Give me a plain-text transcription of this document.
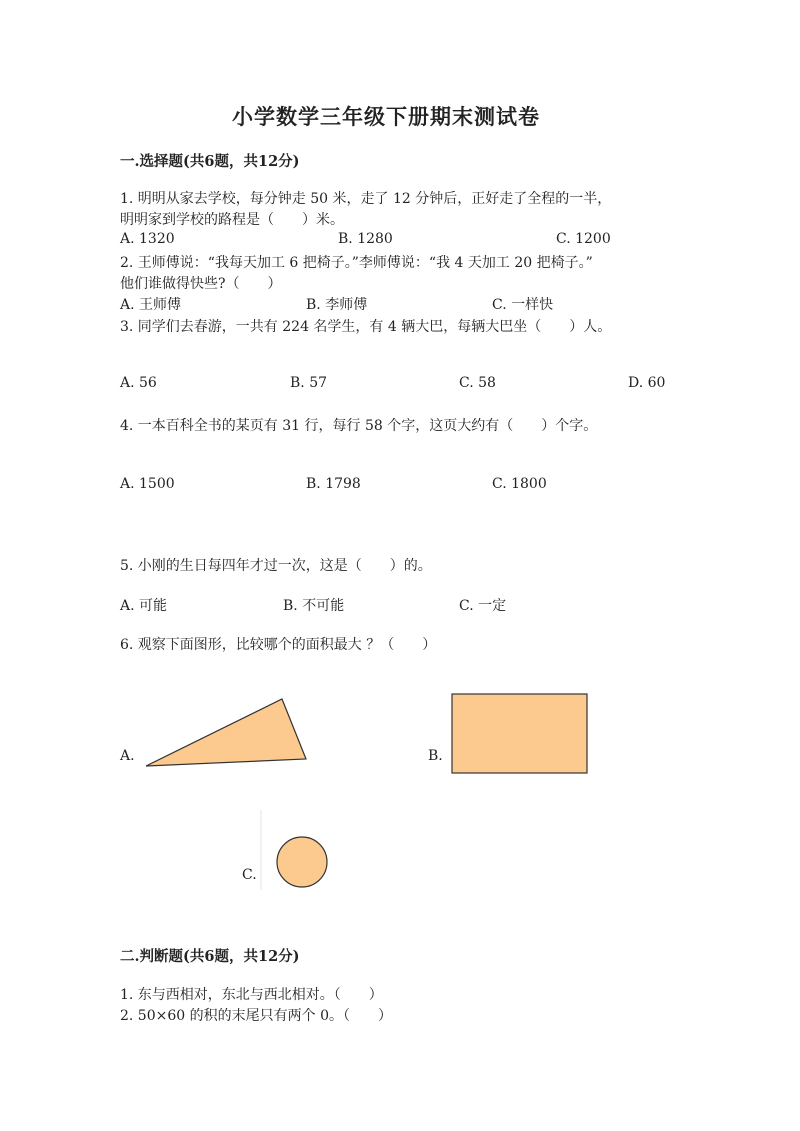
小学数学三年级下册期末测试卷
一.选择题(共6题，共12分)
1. 明明从家去学校，每分钟走 50 米，走了 12 分钟后，正好走了全程的一半，
明明家到学校的路程是（　　）米。
A. 1320	B. 1280	C. 1200
2. 王师傅说：“我每天加工 6 把椅子。”李师傅说：“我 4 天加工 20 把椅子。”
他们谁做得快些?（　　）
A. 王师傅	B. 李师傅	C. 一样快
3. 同学们去春游，一共有 224 名学生，有 4 辆大巴，每辆大巴坐（　　）人。
A. 56	B. 57	C. 58	D. 60
4. 一本百科全书的某页有 31 行，每行 58 个字，这页大约有（　　）个字。
A. 1500	B. 1798	C. 1800
5. 小刚的生日每四年才过一次，这是（　　）的。
A. 可能	B. 不可能	C. 一定
6. 观察下面图形，比较哪个的面积最大 ？（　　）
A.	B.
C.
二.判断题(共6题，共12分)
1. 东与西相对，东北与西北相对。（　　）
2. 50×60 的积的末尾只有两个 0。（　　）
